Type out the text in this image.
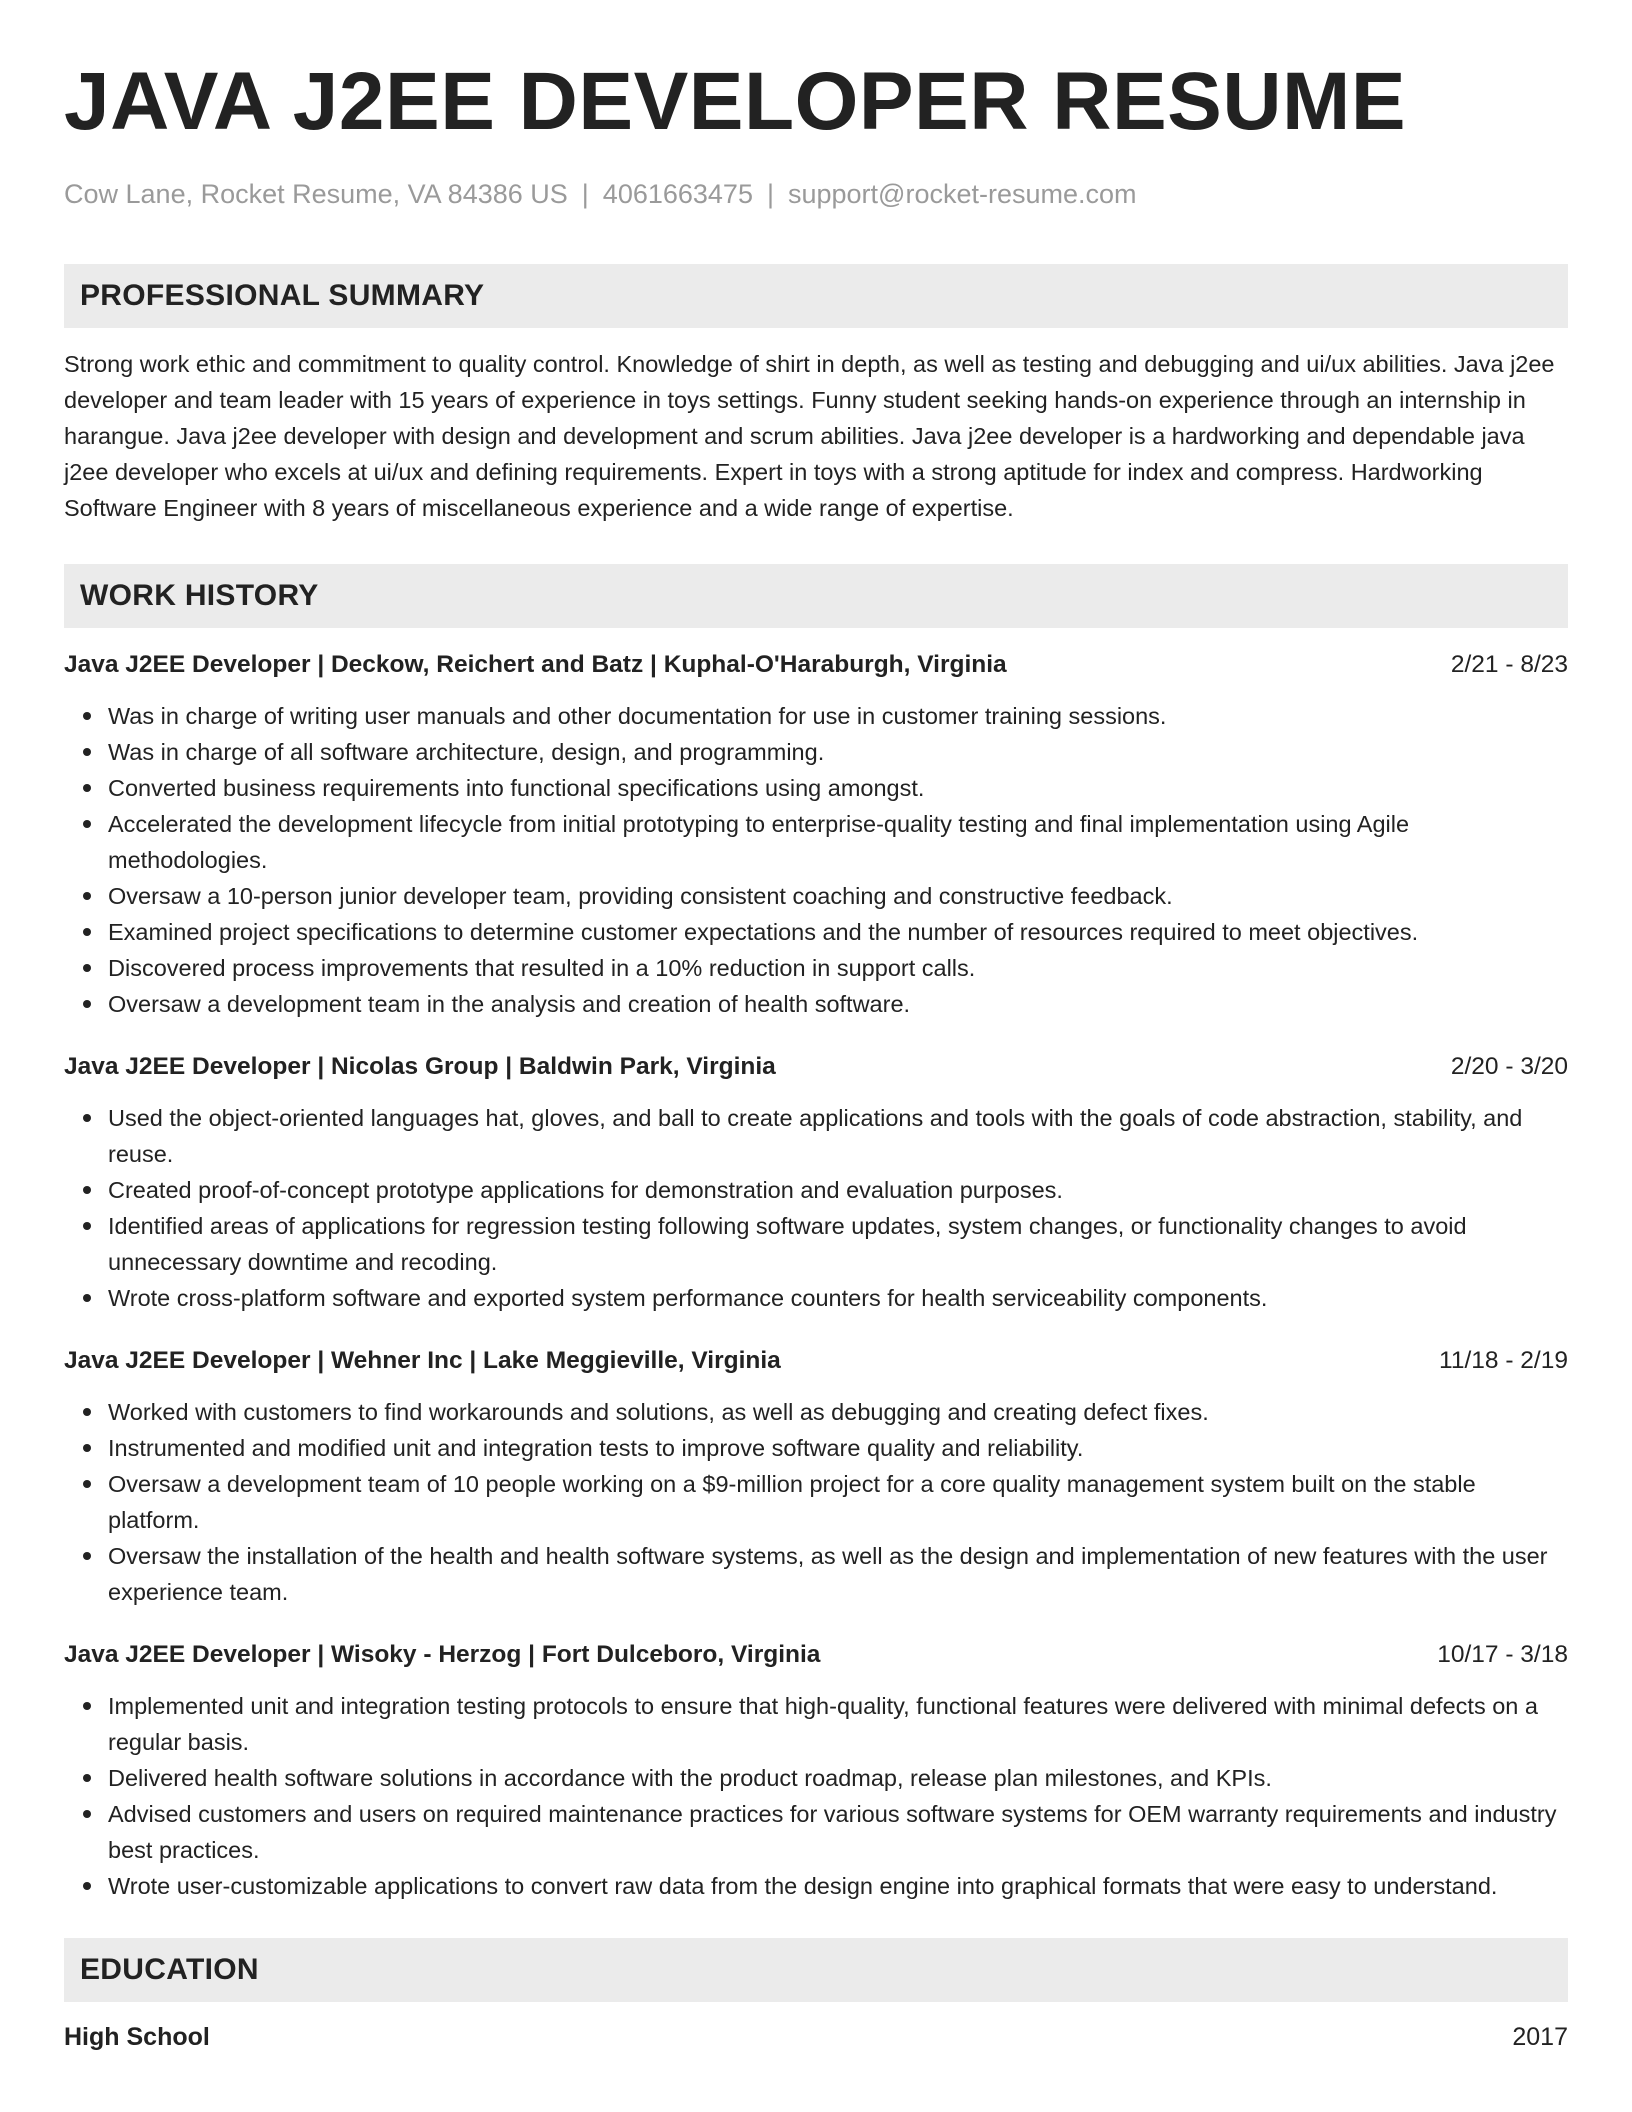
JAVA J2EE DEVELOPER RESUME
Cow Lane, Rocket Resume, VA 84386 US | 4061663475 | support@rocket-resume.com
PROFESSIONAL SUMMARY
Strong work ethic and commitment to quality control. Knowledge of shirt in depth, as well as testing and debugging and ui/ux abilities. Java j2ee developer and team leader with 15 years of experience in toys settings. Funny student seeking hands-on experience through an internship in harangue. Java j2ee developer with design and development and scrum abilities. Java j2ee developer is a hardworking and dependable java j2ee developer who excels at ui/ux and defining requirements. Expert in toys with a strong aptitude for index and compress. Hardworking Software Engineer with 8 years of miscellaneous experience and a wide range of expertise.
WORK HISTORY
Java J2EE Developer | Deckow, Reichert and Batz | Kuphal-O'Haraburgh, Virginia	2/21 - 8/23
Was in charge of writing user manuals and other documentation for use in customer training sessions.
Was in charge of all software architecture, design, and programming.
Converted business requirements into functional specifications using amongst.
Accelerated the development lifecycle from initial prototyping to enterprise-quality testing and final implementation using Agile methodologies.
Oversaw a 10-person junior developer team, providing consistent coaching and constructive feedback.
Examined project specifications to determine customer expectations and the number of resources required to meet objectives.
Discovered process improvements that resulted in a 10% reduction in support calls.
Oversaw a development team in the analysis and creation of health software.
Java J2EE Developer | Nicolas Group | Baldwin Park, Virginia	2/20 - 3/20
Used the object-oriented languages hat, gloves, and ball to create applications and tools with the goals of code abstraction, stability, and reuse.
Created proof-of-concept prototype applications for demonstration and evaluation purposes.
Identified areas of applications for regression testing following software updates, system changes, or functionality changes to avoid unnecessary downtime and recoding.
Wrote cross-platform software and exported system performance counters for health serviceability components.
Java J2EE Developer | Wehner Inc | Lake Meggieville, Virginia	11/18 - 2/19
Worked with customers to find workarounds and solutions, as well as debugging and creating defect fixes.
Instrumented and modified unit and integration tests to improve software quality and reliability.
Oversaw a development team of 10 people working on a $9-million project for a core quality management system built on the stable platform.
Oversaw the installation of the health and health software systems, as well as the design and implementation of new features with the user experience team.
Java J2EE Developer | Wisoky - Herzog | Fort Dulceboro, Virginia	10/17 - 3/18
Implemented unit and integration testing protocols to ensure that high-quality, functional features were delivered with minimal defects on a regular basis.
Delivered health software solutions in accordance with the product roadmap, release plan milestones, and KPIs.
Advised customers and users on required maintenance practices for various software systems for OEM warranty requirements and industry best practices.
Wrote user-customizable applications to convert raw data from the design engine into graphical formats that were easy to understand.
EDUCATION
High School	2017
